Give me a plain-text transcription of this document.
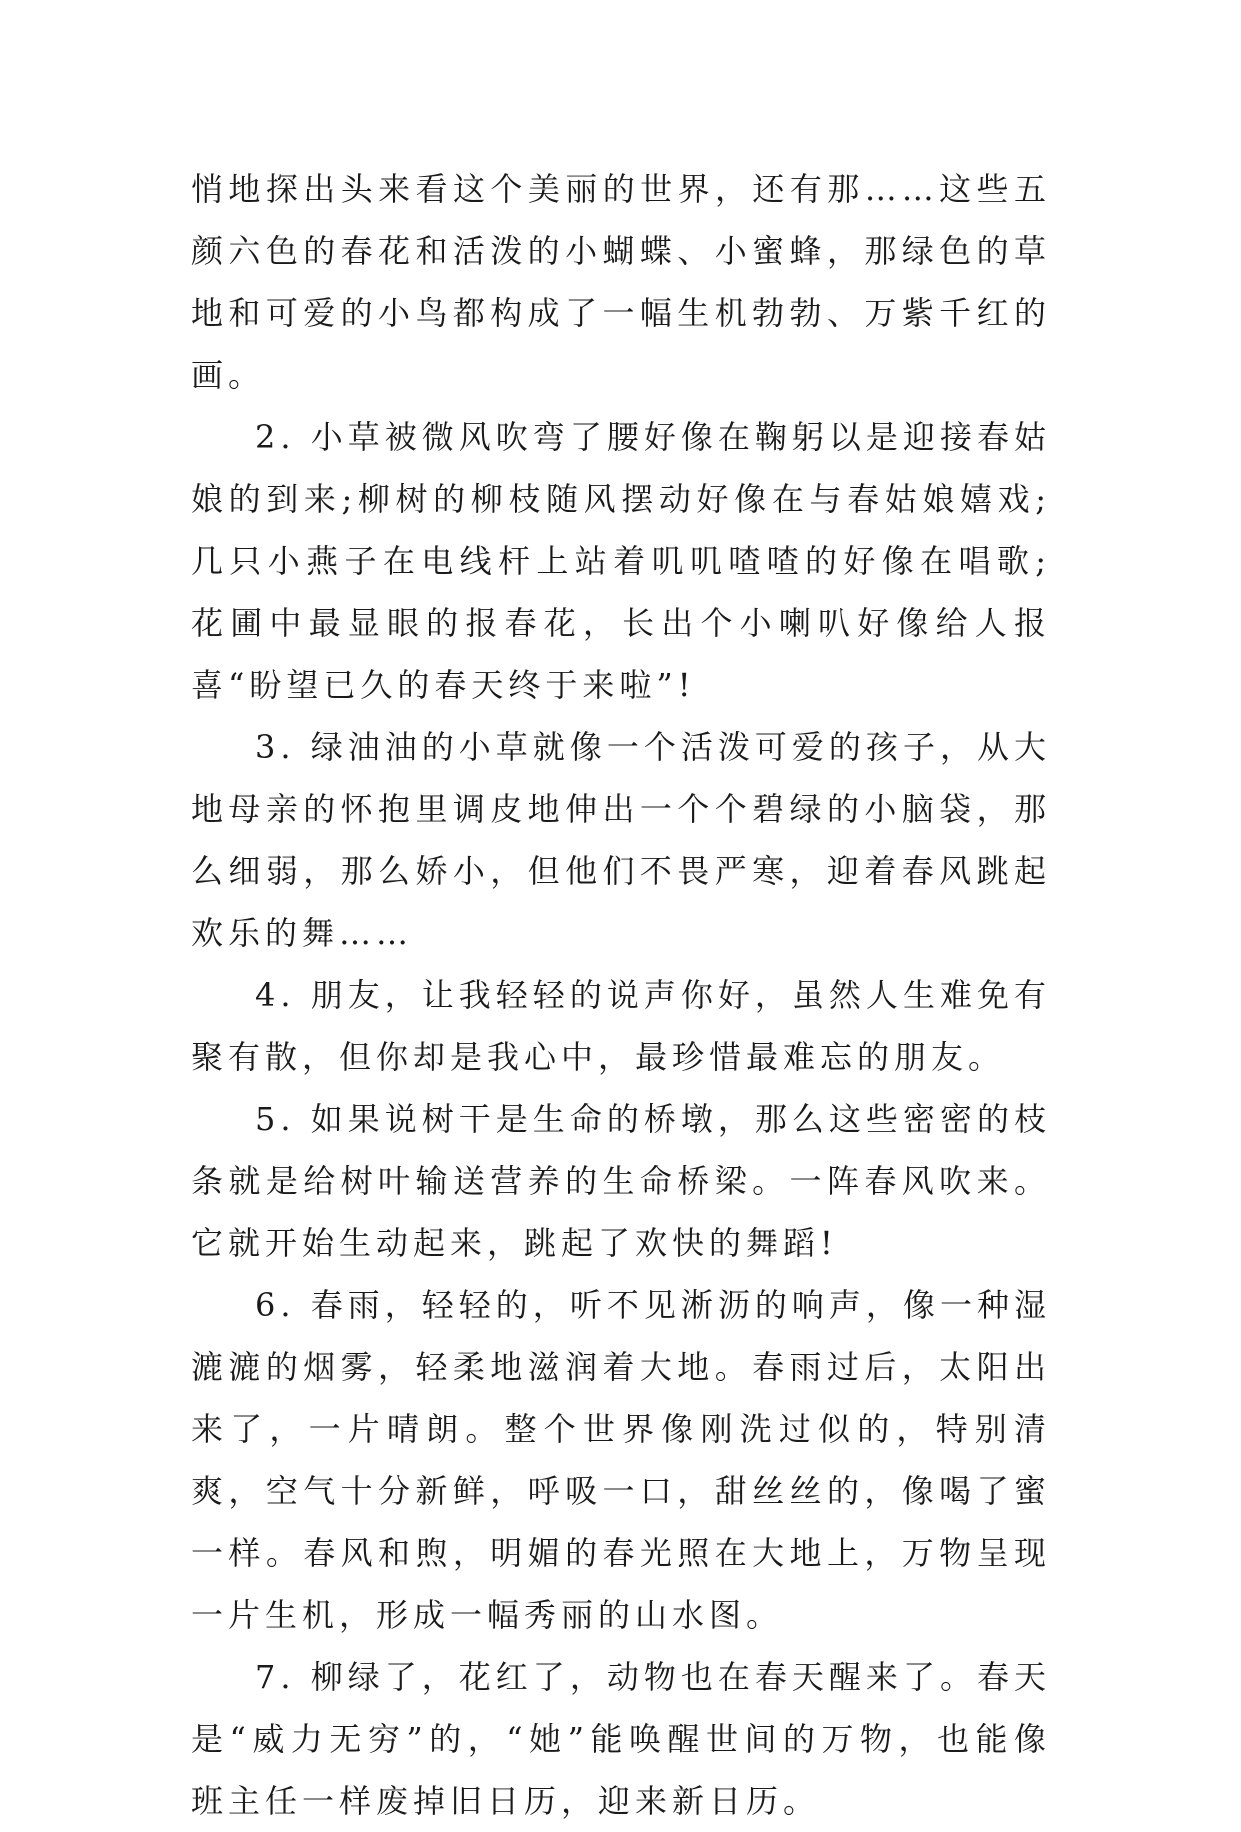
悄地探出头来看这个美丽的世界，还有那……这些五颜六色的春花和活泼的小蝴蝶、小蜜蜂，那绿色的草地和可爱的小鸟都构成了一幅生机勃勃、万紫千红的画。

2. 小草被微风吹弯了腰好像在鞠躬以是迎接春姑娘的到来;柳树的柳枝随风摆动好像在与春姑娘嬉戏;几只小燕子在电线杆上站着叽叽喳喳的好像在唱歌;花圃中最显眼的报春花，长出个小喇叭好像给人报喜“盼望已久的春天终于来啦”!

3. 绿油油的小草就像一个活泼可爱的孩子，从大地母亲的怀抱里调皮地伸出一个个碧绿的小脑袋，那么细弱，那么娇小，但他们不畏严寒，迎着春风跳起欢乐的舞……

4. 朋友，让我轻轻的说声你好，虽然人生难免有聚有散，但你却是我心中，最珍惜最难忘的朋友。

5. 如果说树干是生命的桥墩，那么这些密密的枝条就是给树叶输送营养的生命桥梁。一阵春风吹来。它就开始生动起来，跳起了欢快的舞蹈!

6. 春雨，轻轻的，听不见淅沥的响声，像一种湿漉漉的烟雾，轻柔地滋润着大地。春雨过后，太阳出来了，一片晴朗。整个世界像刚洗过似的，特别清爽，空气十分新鲜，呼吸一口，甜丝丝的，像喝了蜜一样。春风和煦，明媚的春光照在大地上，万物呈现一片生机，形成一幅秀丽的山水图。

7. 柳绿了，花红了，动物也在春天醒来了。春天是“威力无穷”的，“她”能唤醒世间的万物，也能像班主任一样废掉旧日历，迎来新日历。
